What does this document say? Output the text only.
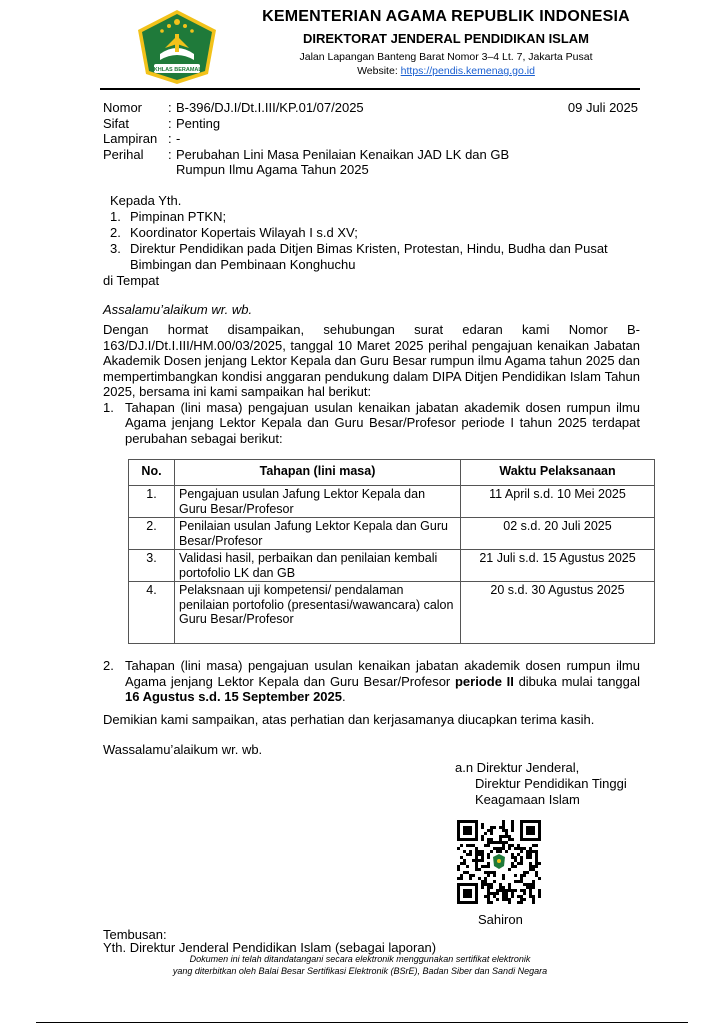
IKHLAS BERAMAL
KEMENTERIAN AGAMA REPUBLIK INDONESIA
DIREKTORAT JENDERAL PENDIDIKAN ISLAM
Jalan Lapangan Banteng Barat Nomor 3–4 Lt. 7, Jakarta Pusat
Website: https://pendis.kemenag.go.id
Nomor	: B-396/DJ.I/Dt.I.III/KP.01/07/2025
Sifat	: Penting
Lampiran : -
Perihal	: Perubahan Lini Masa Penilaian Kenaikan JAD LK dan GB
Rumpun Ilmu Agama Tahun 2025
09 Juli 2025
Kepada Yth.
1. Pimpinan PTKN;
2. Koordinator Kopertais Wilayah I s.d XV;
3. Direktur Pendidikan pada Ditjen Bimas Kristen, Protestan, Hindu, Budha dan Pusat Bimbingan dan Pembinaan Konghuchu
di Tempat
Assalamu’alaikum wr. wb.
Dengan hormat disampaikan, sehubungan surat edaran kami Nomor B-163/DJ.I/Dt.I.III/HM.00/03/2025, tanggal 10 Maret 2025 perihal pengajuan kenaikan Jabatan Akademik Dosen jenjang Lektor Kepala dan Guru Besar rumpun ilmu Agama tahun 2025 dan mempertimbangkan kondisi anggaran pendukung dalam DIPA Ditjen Pendidikan Islam Tahun 2025, bersama ini kami sampaikan hal berikut:
1. Tahapan (lini masa) pengajuan usulan kenaikan jabatan akademik dosen rumpun ilmu Agama jenjang Lektor Kepala dan Guru Besar/Profesor periode I tahun 2025 terdapat perubahan sebagai berikut:
No.	Tahapan (lini masa)	Waktu Pelaksanaan
1.	Pengajuan usulan Jafung Lektor Kepala dan Guru Besar/Profesor	11 April s.d. 10 Mei 2025
2.	Penilaian usulan Jafung Lektor Kepala dan Guru Besar/Profesor	02 s.d. 20 Juli 2025
3.	Validasi hasil, perbaikan dan penilaian kembali portofolio LK dan GB	21 Juli s.d. 15 Agustus 2025
4.	Pelaksnaan uji kompetensi/ pendalaman penilaian portofolio (presentasi/wawancara) calon Guru Besar/Profesor	20 s.d. 30 Agustus 2025
2. Tahapan (lini masa) pengajuan usulan kenaikan jabatan akademik dosen rumpun ilmu Agama jenjang Lektor Kepala dan Guru Besar/Profesor periode II dibuka mulai tanggal 16 Agustus s.d. 15 September 2025.
Demikian kami sampaikan, atas perhatian dan kerjasamanya diucapkan terima kasih.
Wassalamu’alaikum wr. wb.
a.n Direktur Jenderal,
Direktur Pendidikan Tinggi
Keagamaan Islam
Sahiron
Tembusan:
Yth. Direktur Jenderal Pendidikan Islam (sebagai laporan)
Dokumen ini telah ditandatangani secara elektronik menggunakan sertifikat elektronik
yang diterbitkan oleh Balai Besar Sertifikasi Elektronik (BSrE), Badan Siber dan Sandi Negara
